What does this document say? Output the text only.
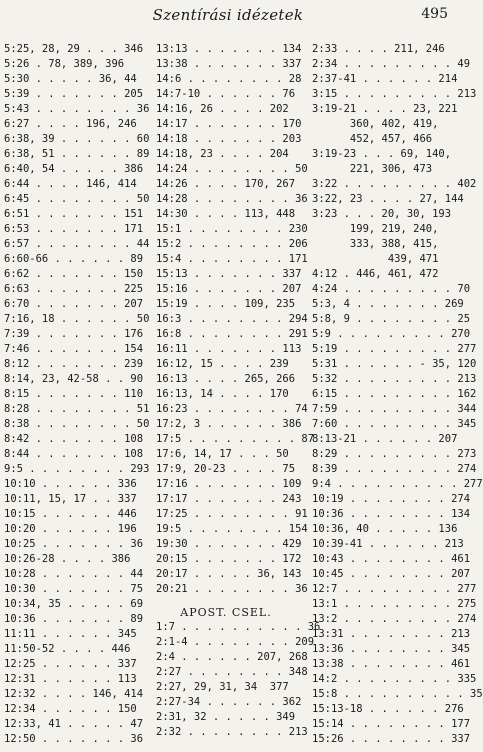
Szentírási idézetek	495
5:25, 28, 29 . . . 346
5:26 . 78, 389, 396
5:30 . . . . . 36, 44
5:39 . . . . . . . 205
5:43 . . . . . . . . 36
6:27 . . . . 196, 246
6:38, 39 . . . . . . 60
6:38, 51 . . . . . . 89
6:40, 54 . . . . . 386
6:44 . . . . 146, 414
6:45 . . . . . . . . 50
6:51 . . . . . . . 151
6:53 . . . . . . . 171
6:57 . . . . . . . . 44
6:60-66 . . . . . . 89
6:62 . . . . . . . 150
6:63 . . . . . . . 225
6:70 . . . . . . . 207
7:16, 18 . . . . . . 50
7:39 . . . . . . . 176
7:46 . . . . . . . 154
8:12 . . . . . . . 239
8:14, 23, 42-58 . . 90
8:15 . . . . . . . 110
8:28 . . . . . . . . 51
8:38 . . . . . . . . 50
8:42 . . . . . . . 108
8:44 . . . . . . . 108
9:5 . . . . . . . . 293
10:10 . . . . . . 336
10:11, 15, 17 . . 337
10:15 . . . . . . 446
10:20 . . . . . . 196
10:25 . . . . . . . 36
10:26-28 . . . . 386
10:28 . . . . . . . 44
10:30 . . . . . . . 75
10:34, 35 . . . . . 69
10:36 . . . . . . . 89
11:11 . . . . . . 345
11:50-52 . . . . 446
12:25 . . . . . . 337
12:31 . . . . . . 113
12:32 . . . . 146, 414
12:34 . . . . . . 150
12:33, 41 . . . . . 47
12:50 . . . . . . . 36
13:13 . . . . . . . 134
13:38 . . . . . . . 337
14:6 . . . . . . . . 28
14:7-10 . . . . . . 76
14:16, 26 . . . . 202
14:17 . . . . . . . 170
14:18 . . . . . . . 203
14:18, 23 . . . . 204
14:24 . . . . . . . . 50
14:26 . . . . 170, 267
14:28 . . . . . . . . 36
14:30 . . . . 113, 448
15:1 . . . . . . . . 230
15:2 . . . . . . . . 206
15:4 . . . . . . . . 171
15:13 . . . . . . . 337
15:16 . . . . . . . 207
15:19 . . . . 109, 235
16:3 . . . . . . . . 294
16:8 . . . . . . . . 291
16:11 . . . . . . . 113
16:12, 15 . . . . 239
16:13 . . . . 265, 266
16:13, 14 . . . . 170
16:23 . . . . . . . . 74
17:2, 3 . . . . . . 386
17:5 . . . . . . . . . 87
17:6, 14, 17 . . . 50
17:9, 20-23 . . . . 75
17:16 . . . . . . . 109
17:17 . . . . . . . 243
17:25 . . . . . . . . 91
19:5 . . . . . . . . 154
19:30 . . . . . . . 429
20:15 . . . . . . . 172
20:17 . . . . . 36, 143
20:21 . . . . . . . . 36
APOST. CSEL.
1:7 . . . . . . . . . . 36
2:1-4 . . . . . . . . 209
2:4 . . . . . . 207, 268
2:27 . . . . . . . . 348
2:27, 29, 31, 34  377
2:27-34 . . . . . . 362
2:31, 32 . . . . . 349
2:32 . . . . . . . . 213
2:33 . . . . 211, 246
2:34 . . . . . . . . . 49
2:37-41 . . . . . . 214
3:15 . . . . . . . . . 213
3:19-21 . . . . 23, 221
360, 402, 419,
452, 457, 466
3:19-23 . . . 69, 140,
221, 306, 473
3:22 . . . . . . . . . 402
3:22, 23 . . . . 27, 144
3:23 . . . 20, 30, 193
199, 219, 240,
333, 388, 415,
439, 471
4:12 . 446, 461, 472
4:24 . . . . . . . . . 70
5:3, 4 . . . . . . . 269
5:8, 9 . . . . . . . . 25
5:9 . . . . . . . . . 270
5:19 . . . . . . . . . 277
5:31 . . . . . . - 35, 120
5:32 . . . . . . . . . 213
6:15 . . . . . . . . . 162
7:59 . . . . . . . . . 344
7:60 . . . . . . . . . 345
8:13-21 . . . . . . 207
8:29 . . . . . . . . . 273
8:39 . . . . . . . . . 274
9:4 . . . . . . . . . . 277
10:19 . . . . . . . . 274
10:36 . . . . . . . . 134
10:36, 40 . . . . . 136
10:39-41 . . . . . . 213
10:43 . . . . . . . . 461
10:45 . . . . . . . . 207
12:7 . . . . . . . . . 277
13:1 . . . . . . . . . 275
13:2 . . . . . . . . . 274
13:31 . . . . . . . . 213
13:36 . . . . . . . . 345
13:38 . . . . . . . . 461
14:2 . . . . . . . . . 335
15:8 . . . . . . . . . . 35
15:13-18 . . . . . . 276
15:14 . . . . . . . . 177
15:26 . . . . . . . . 337
